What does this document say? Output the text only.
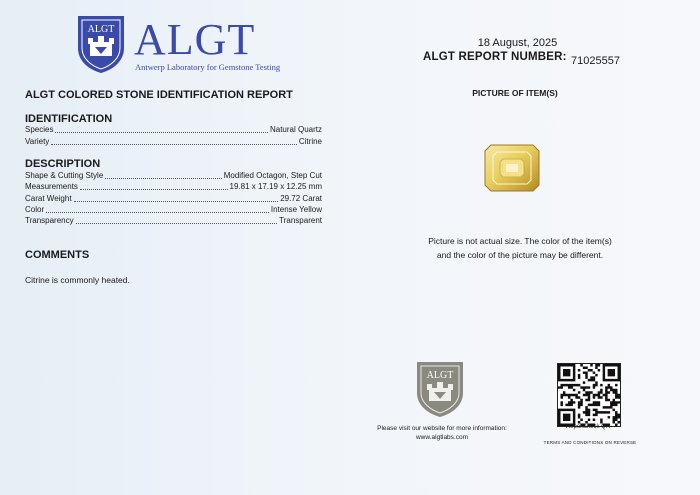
ALGT ALGT
Antwerp Laboratory for Gemstone Testing
ALGT COLORED STONE IDENTIFICATION REPORT
IDENTIFICATION
Species	Natural Quartz
Variety	Citrine
DESCRIPTION
Shape & Cutting Style	Modified Octagon, Step Cut
Measurements	19.81 x 17.19 x 12.25 mm
Carat Weight	29.72 Carat
Color	Intense Yellow
Transparency	Transparent
COMMENTS
Citrine is commonly heated.
18 August, 2025
ALGT REPORT NUMBER: 71025557
PICTURE OF ITEM(S)
Picture is not actual size. The color of the item(s)
and the color of the picture may be different.
ALGT
Please visit our website for more information:
www.algtlabs.com
Reportcheck QR
TERMS AND CONDITIONS ON REVERSE
